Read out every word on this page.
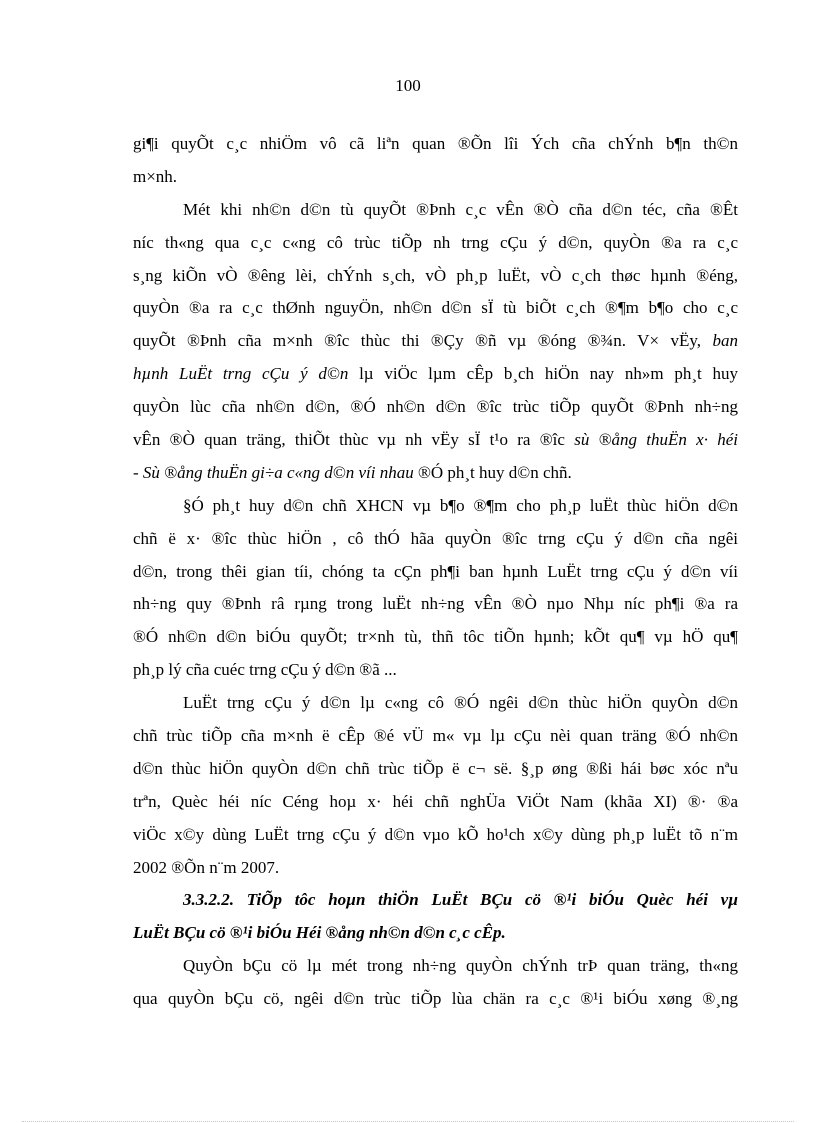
100
gi¶i quyÕt c¸c nhiÖm vô cã liªn quan ®Õn lîi Ých cña chÝnh b¶n th©n
m×nh.
Mét khi nh©n d©n tù quyÕt ®Þnh c¸c vÊn ®Ò cña d©n téc, cña ®Êt
níc th«ng qua c¸c c«ng cô trùc tiÕp nh trng cÇu ý d©n, quyÒn ®a ra c¸c
s¸ng kiÕn vÒ ®êng lèi, chÝnh s¸ch, vÒ ph¸p luËt, vÒ c¸ch thøc hµnh ®éng,
quyÒn ®a ra c¸c thØnh nguyÖn, nh©n d©n sÏ tù biÕt c¸ch ®¶m b¶o cho c¸c
quyÕt ®Þnh cña m×nh ®îc thùc thi ®Çy ®ñ vµ ®óng ®¾n. V× vËy, ban
hµnh LuËt trng cÇu ý d©n lµ viÖc lµm cÊp b¸ch hiÖn nay nh»m ph¸t huy
quyÒn lùc cña nh©n d©n, ®Ó nh©n d©n ®îc trùc tiÕp quyÕt ®Þnh nh÷ng
vÊn ®Ò quan träng, thiÕt thùc vµ nh vËy sÏ t¹o ra ®îc sù ®ång thuËn x· héi
- Sù ®ång thuËn gi÷a c«ng d©n víi nhau ®Ó ph¸t huy d©n chñ.
§Ó ph¸t huy d©n chñ XHCN vµ b¶o ®¶m cho ph¸p luËt thùc hiÖn d©n
chñ ë x· ®îc thùc hiÖn , cô thÓ hãa quyÒn ®îc trng cÇu ý d©n cña ngêi
d©n, trong thêi gian tíi, chóng ta cÇn ph¶i ban hµnh LuËt trng cÇu ý d©n víi
nh÷ng quy ®Þnh râ rµng trong luËt nh÷ng vÊn ®Ò nµo Nhµ níc ph¶i ®a ra
®Ó nh©n d©n biÓu quyÕt; tr×nh tù, thñ tôc tiÕn hµnh; kÕt qu¶ vµ hÖ qu¶
ph¸p lý cña cuéc trng cÇu ý d©n ®ã ...
LuËt trng cÇu ý d©n lµ c«ng cô ®Ó ngêi d©n thùc hiÖn quyÒn d©n
chñ trùc tiÕp cña m×nh ë cÊp ®é vÜ m« vµ lµ cÇu nèi quan träng ®Ó nh©n
d©n thùc hiÖn quyÒn d©n chñ trùc tiÕp ë c¬ së. §¸p øng ®ßi hái bøc xóc nªu
trªn, Quèc héi níc Céng hoµ x· héi chñ nghÜa ViÖt Nam (khãa XI) ®· ®a
viÖc x©y dùng LuËt trng cÇu ý d©n vµo kÕ ho¹ch x©y dùng ph¸p luËt tõ n¨m
2002 ®Õn n¨m 2007.
3.3.2.2. TiÕp tôc hoµn thiÖn LuËt BÇu cö ®¹i biÓu Quèc héi vµ
LuËt BÇu cö ®¹i biÓu Héi ®ång nh©n d©n c¸c cÊp.
QuyÒn bÇu cö lµ mét trong nh÷ng quyÒn chÝnh trÞ quan träng, th«ng
qua quyÒn bÇu cö, ngêi d©n trùc tiÕp lùa chän ra c¸c ®¹i biÓu xøng ®¸ng
